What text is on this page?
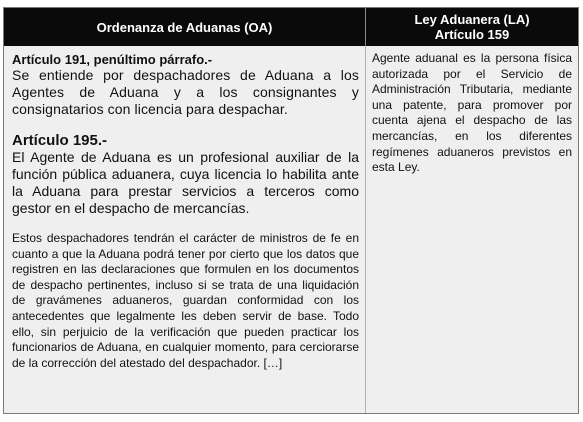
Ordenanza de Aduanas (OA)	Ley Aduanera (LA)
Artículo 159

Artículo 191, penúltimo párrafo.-

Se entiende por despachadores de Aduana a los Agentes de Aduana y a los consignantes y consignatarios con licencia para despachar.

Artículo 195.-

El Agente de Aduana es un profesional auxiliar de la función pública aduanera, cuya licencia lo habilita ante la Aduana para prestar servicios a terceros como gestor en el despacho de mercancías.

Estos despachadores tendrán el carácter de ministros de fe en cuanto a que la Aduana podrá tener por cierto que los datos que registren en las declaraciones que formulen en los documentos de despacho pertinentes, incluso si se trata de una liquidación de gravámenes aduaneros, guardan conformidad con los antecedentes que legalmente les deben servir de base. Todo ello, sin perjuicio de la verificación que pueden practicar los funcionarios de Aduana, en cualquier momento, para cerciorarse de la corrección del atestado del despachador. […]

Agente aduanal es la persona física autorizada por el Servicio de Administración Tributaria, mediante una patente, para promover por cuenta ajena el despacho de las mercancías, en los diferentes regímenes aduaneros previstos en esta Ley.
